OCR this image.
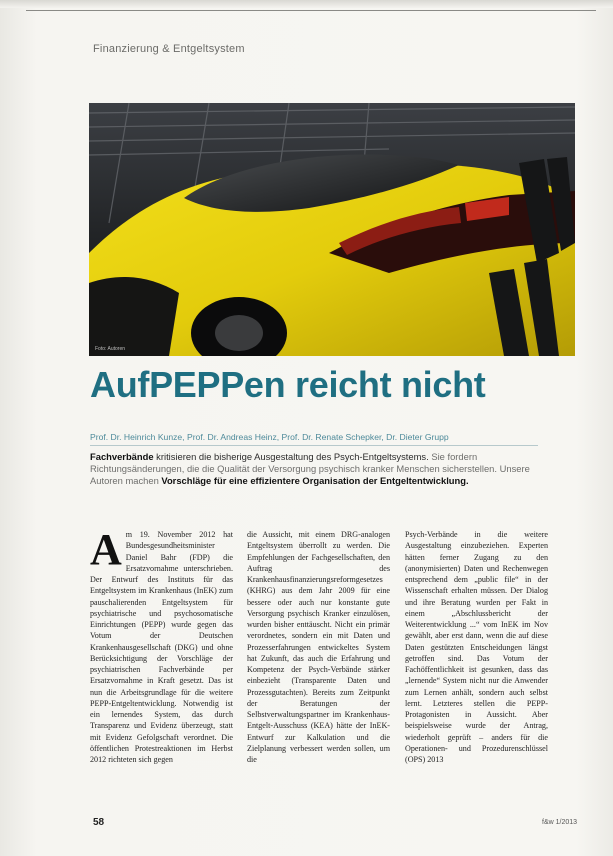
Finanzierung & Entgeltsystem
Foto: Autoren
AufPEPPen reicht nicht
Prof. Dr. Heinrich Kunze, Prof. Dr. Andreas Heinz, Prof. Dr. Renate Schepker, Dr. Dieter Grupp
Fachverbände kritisieren die bisherige Ausgestaltung des Psych-Entgeltsystems. Sie fordern Richtungsänderungen, die die Qualität der Versorgung psychisch kranker Menschen sicherstellen. Unsere Autoren machen Vorschläge für eine effizientere Organisation der Entgeltentwicklung.
A m 19. November 2012 hat Bundesgesundheitsminister Daniel Bahr (FDP) die Ersatzvornahme unterschrieben. Der Entwurf des Instituts für das Entgeltsystem im Krankenhaus (InEK) zum pauschalierenden Entgeltsystem für psychiatrische und psychosomatische Einrichtungen (PEPP) wurde gegen das Votum der Deutschen Krankenhausgesellschaft (DKG) und ohne Berücksichtigung der Vorschläge der psychiatrischen Fachverbände per Ersatzvornahme in Kraft gesetzt. Das ist nun die Arbeitsgrundlage für die weitere PEPP-Entgeltentwicklung. Notwendig ist ein lernendes System, das durch Transparenz und Evidenz überzeugt, statt mit Evidenz Gefolgschaft verordnet. Die öffentlichen Protestreaktionen im Herbst 2012 richteten sich gegen

die Aussicht, mit einem DRG-analogen Entgeltsystem überrollt zu werden. Die Empfehlungen der Fachgesellschaften, den Auftrag des Krankenhausfinanzierungsreformgesetzes (KHRG) aus dem Jahr 2009 für eine bessere oder auch nur konstante gute Versorgung psychisch Kranker einzulösen, wurden bisher enttäuscht. Nicht ein primär verordnetes, sondern ein mit Daten und Prozesserfahrungen entwickeltes System hat Zukunft, das auch die Erfahrung und Kompetenz der Psych-Verbände stärker einbezieht (Transparente Daten und Prozessgutachten). Bereits zum Zeitpunkt der Beratungen der Selbstverwaltungspartner im Krankenhaus-Entgelt-Ausschuss (KEA) hätte der InEK-Entwurf zur Kalkulation und die Zielplanung verbessert werden sollen, um die

Psych-Verbände in die weitere Ausgestaltung einzubeziehen. Experten hätten ferner Zugang zu den (anonymisierten) Daten und Rechenwegen entsprechend dem „public file“ in der Wissenschaft erhalten müssen. Der Dialog und ihre Beratung wurden per Fakt in einem „Abschlussbericht der Weiterentwicklung ...“ vom InEK im Nov gewählt, aber erst dann, wenn die auf diese Daten gestützten Entscheidungen längst getroffen sind. Das Votum der Fachöffentlichkeit ist gesunken, dass das „lernende“ System nicht nur die Anwender zum Lernen anhält, sondern auch selbst lernt. Letzteres stellen die PEPP-Protagonisten in Aussicht. Aber beispielsweise wurde der Antrag, wiederholt geprüft – anders für die Operationen- und Prozedurenschlüssel (OPS) 2013

58	f&w 1/2013
